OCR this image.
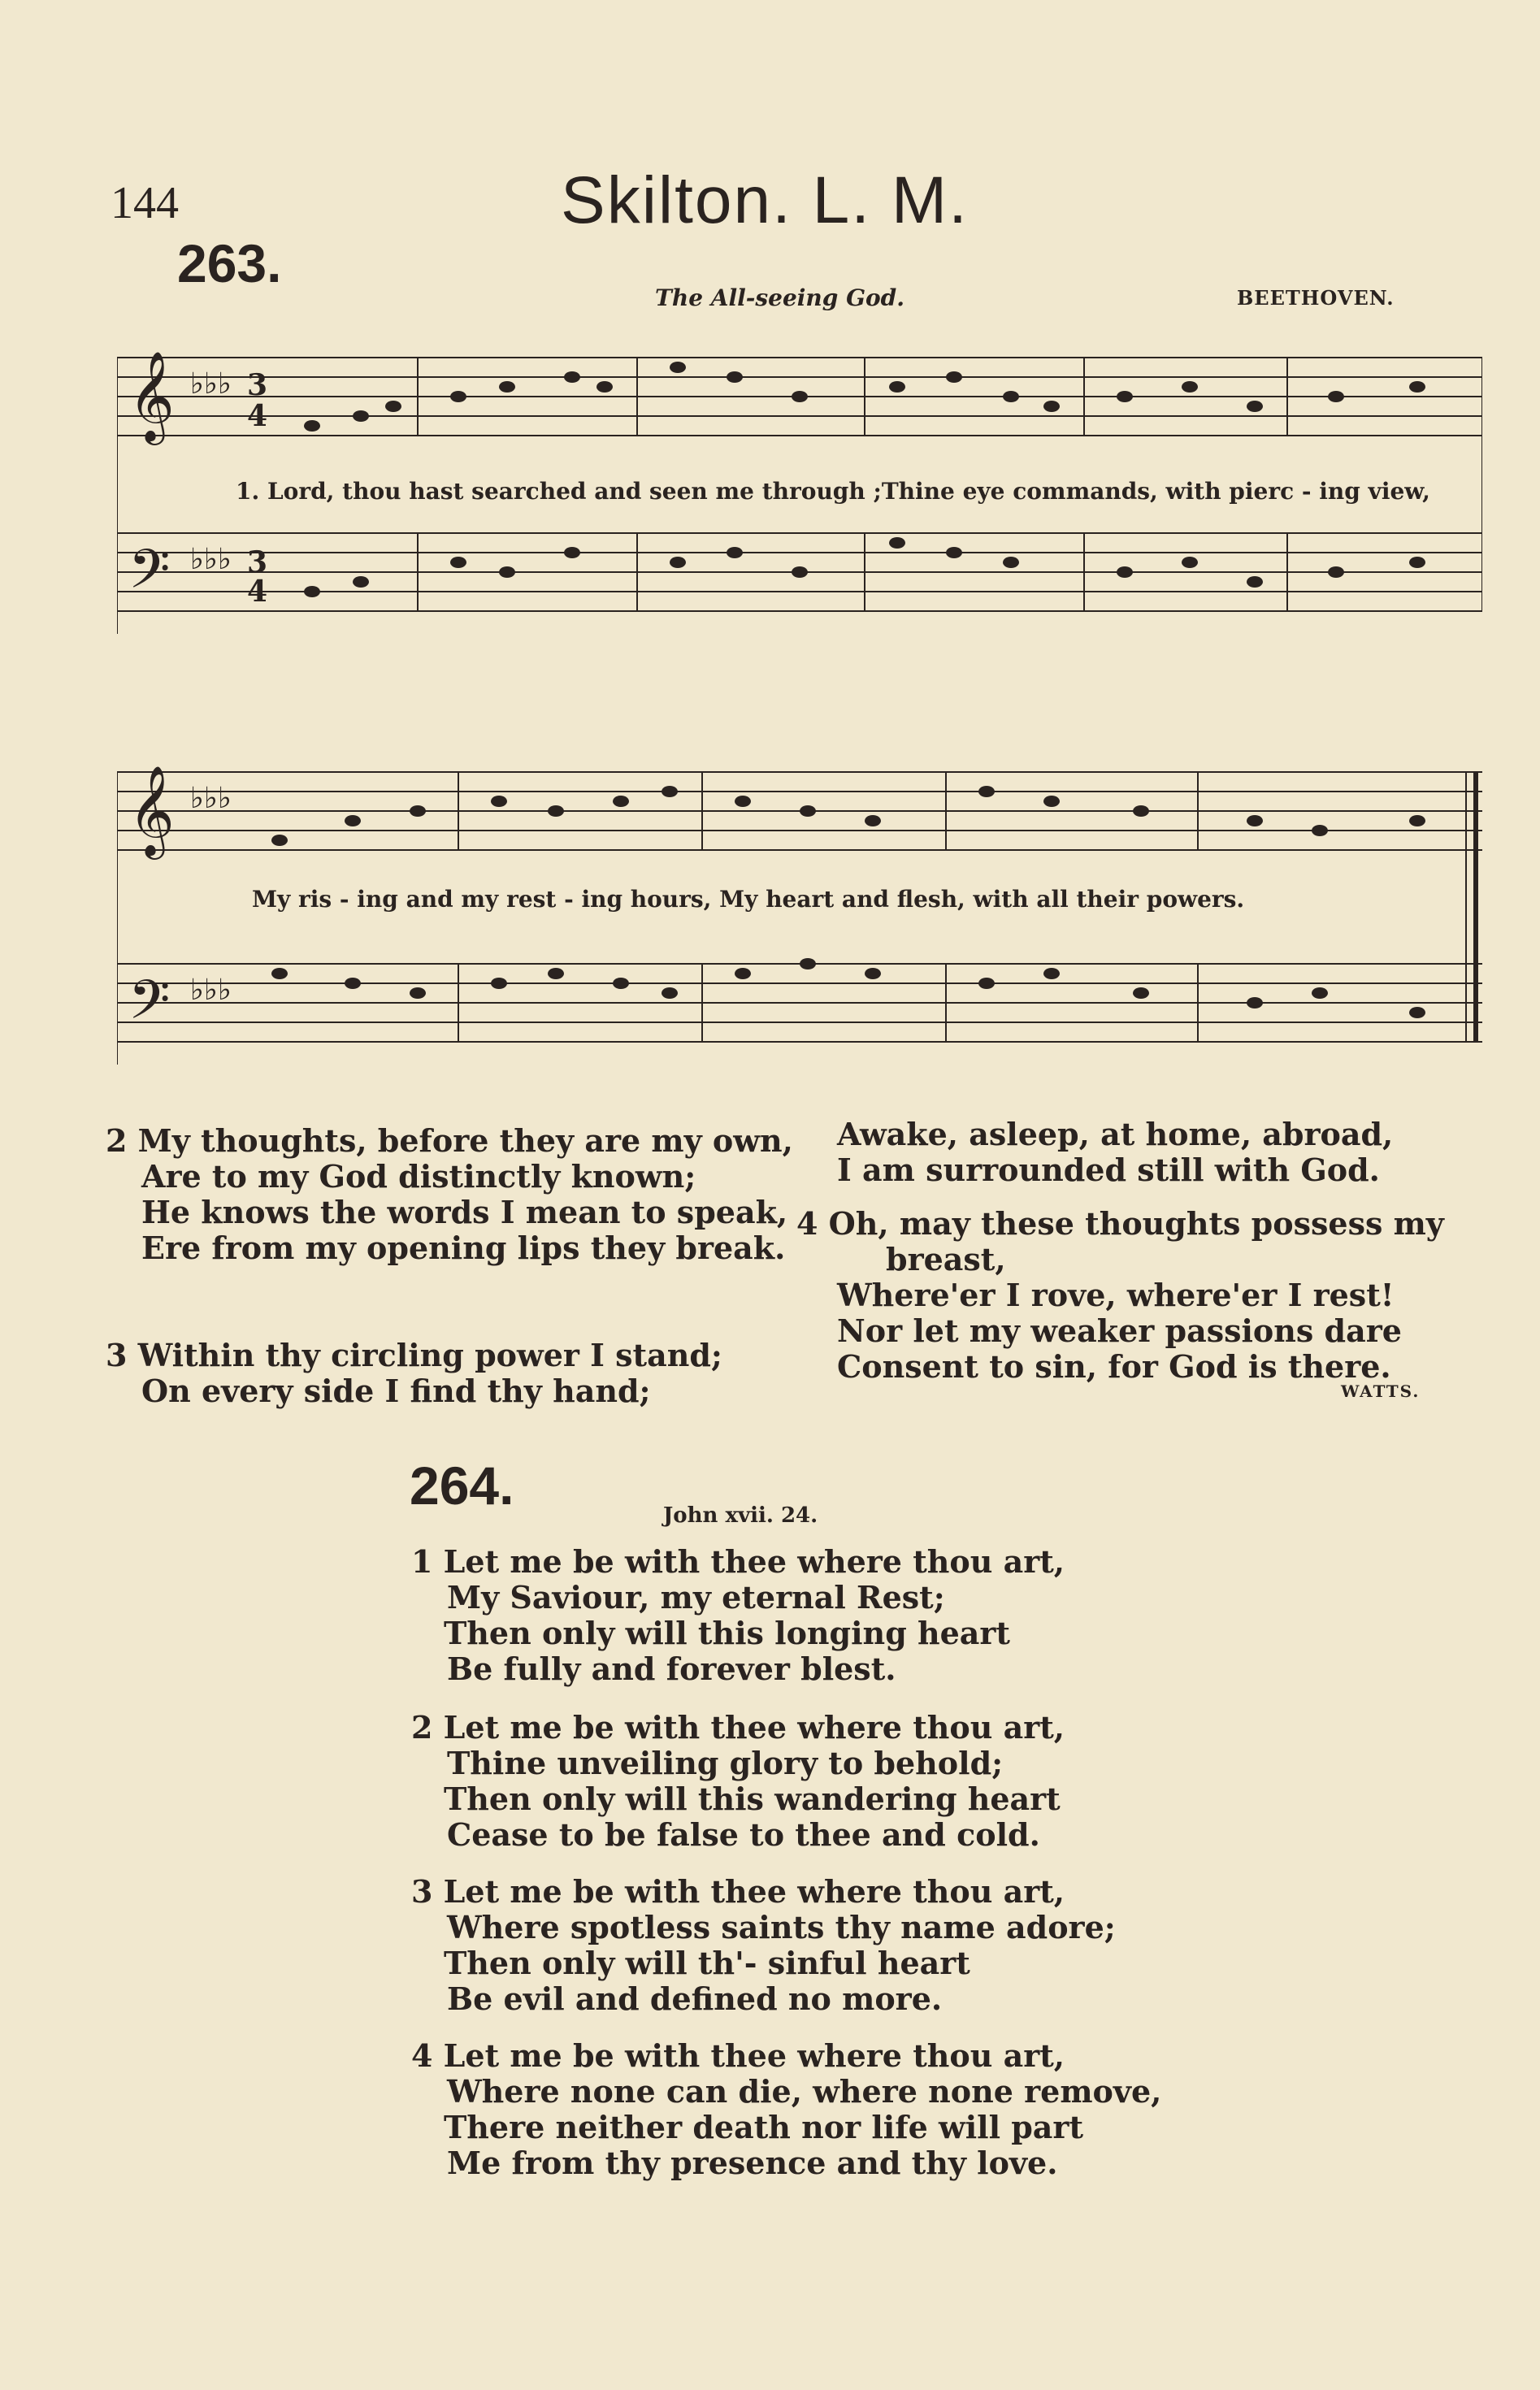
144	Skilton. L. M.
263.
The All-seeing God.	BEETHOVEN.
𝄞
𝄢
♭♭♭ 3
4
♭♭♭ 3
4
1. Lord, thou hast searched and seen me through ;Thine eye commands, with pierc - ing view,
𝄞
𝄢
♭♭♭
♭♭♭
My ris - ing and my rest - ing hours, My heart and flesh, with all their powers.
2 My thoughts, before they are my own,
Are to my God distinctly known;
He knows the words I mean to speak,
Ere from my opening lips they break.
3 Within thy circling power I stand;
On every side I find thy hand;
Awake, asleep, at home, abroad,
I am surrounded still with God.
4 Oh, may these thoughts possess my
breast,
Where'er I rove, where'er I rest!
Nor let my weaker passions dare
Consent to sin, for God is there.
WATTS.
264.	John xvii. 24.
1 Let me be with thee where thou art,
My Saviour, my eternal Rest;
Then only will this longing heart
Be fully and forever blest.
2 Let me be with thee where thou art,
Thine unveiling glory to behold;
Then only will this wandering heart
Cease to be false to thee and cold.
3 Let me be with thee where thou art,
Where spotless saints thy name adore;
Then only will th'- sinful heart
Be evil and defined no more.
4 Let me be with thee where thou art,
Where none can die, where none remove,
There neither death nor life will part
Me from thy presence and thy love.
